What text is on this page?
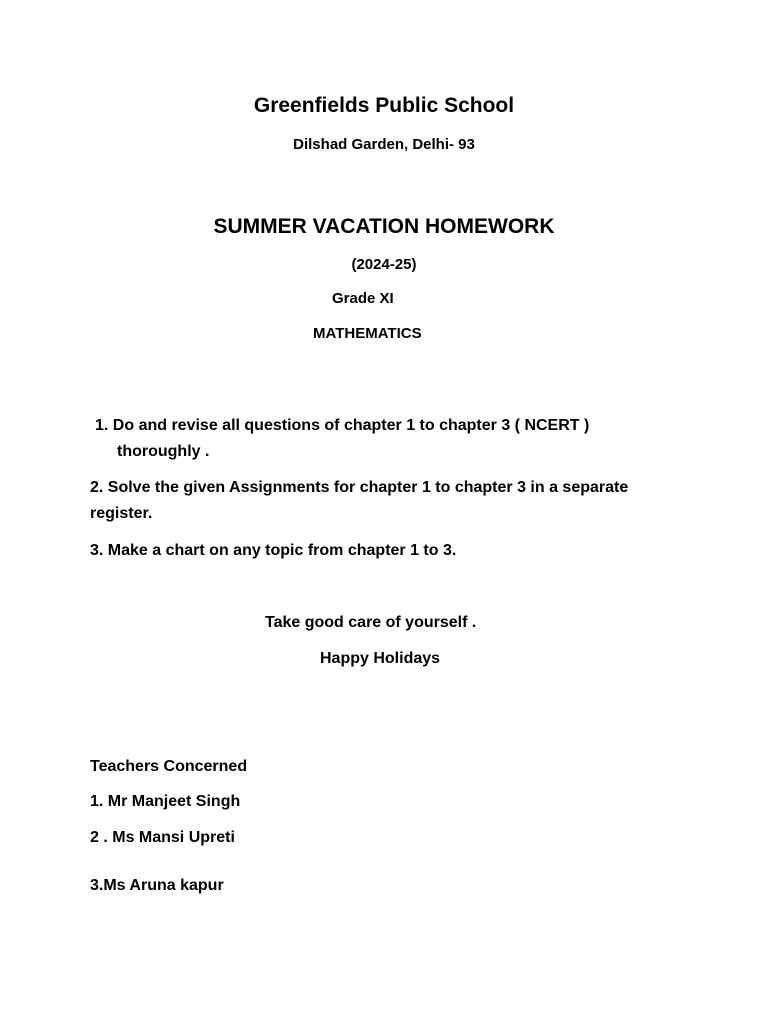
Greenfields Public School
Dilshad Garden, Delhi- 93
SUMMER VACATION HOMEWORK
(2024-25)
Grade XI
MATHEMATICS
1. Do and revise all questions of chapter 1 to chapter 3 ( NCERT )
thoroughly .
2. Solve the given Assignments for chapter 1 to chapter 3 in a separate
register.
3. Make a chart on any topic from chapter 1 to 3.
Take good care of yourself .
Happy Holidays
Teachers Concerned
1. Mr Manjeet Singh
2 . Ms Mansi Upreti
3.Ms Aruna kapur
